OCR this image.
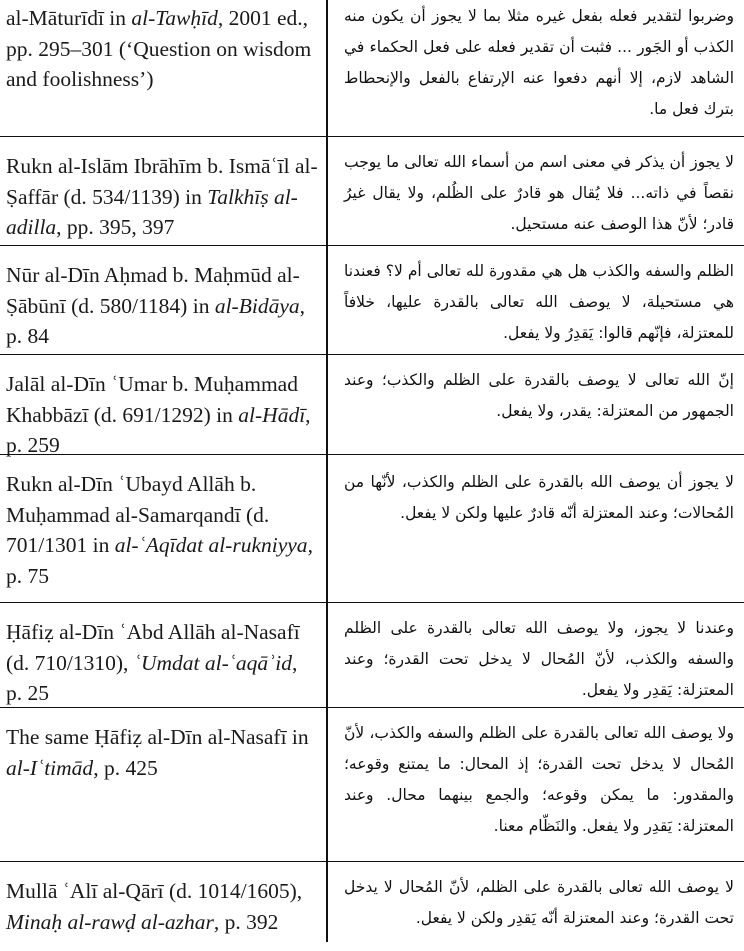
al-Māturīdī in al-Tawḥīd, 2001 ed., pp. 295–301 (‘Question on wisdom and foolishness’)
وضربوا لتقدير فعله بفعل غيره مثلا بما لا يجوز أن يكون منه الكذب أو الجَور ... فثبت أن تقدير فعله على فعل الحكماء في الشاهد لازم، إلا أنهم دفعوا عنه الإرتفاع بالفعل والإنحطاط بترك فعل ما.
Rukn al-Islām Ibrāhīm b. Ismāʿīl al-Ṣaffār (d. 534/1139) in Talkhīṣ al-adilla, pp. 395, 397
لا يجوز أن يذكر في معنى اسم من أسماء الله تعالى ما يوجب نقصاً في ذاته... فلا يُقال هو قادرٌ على الظُلم، ولا يقال غيرُ قادر؛ لأنّ هذا الوصف عنه مستحيل.
Nūr al-Dīn Aḥmad b. Maḥmūd al-Ṣābūnī (d. 580/1184) in al-Bidāya, p. 84
الظلم والسفه والكذب هل هي مقدورة لله تعالى أم لا؟ فعندنا هي مستحيلة، لا يوصف الله تعالى بالقدرة عليها، خلافاً للمعتزلة، فإنّهم قالوا: يَقدِرُ ولا يفعل.
Jalāl al-Dīn ʿUmar b. Muḥammad Khabbāzī (d. 691/1292) in al-Hādī, p. 259
إنّ الله تعالى لا يوصف بالقدرة على الظلم والكذب؛ وعند الجمهور من المعتزلة: يقدر، ولا يفعل.
Rukn al-Dīn ʿUbayd Allāh b. Muḥammad al-Samarqandī (d. 701/1301 in al-ʿAqīdat al-rukniyya, p. 75
لا يجوز أن يوصف الله بالقدرة على الظلم والكذب، لأنّها من المُحالات؛ وعند المعتزلة أنّه قادرٌ عليها ولكن لا يفعل.
Ḥāfiẓ al-Dīn ʿAbd Allāh al-Nasafī (d. 710/1310), ʿUmdat al-ʿaqāʾid, p. 25
وعندنا لا يجوز، ولا يوصف الله تعالى بالقدرة على الظلم والسفه والكذب، لأنّ المُحال لا يدخل تحت القدرة؛ وعند المعتزلة: يَقدِر ولا يفعل.
The same Ḥāfiẓ al-Dīn al-Nasafī in al-Iʿtimād, p. 425
ولا يوصف الله تعالى بالقدرة على الظلم والسفه والكذب، لأنّ المُحال لا يدخل تحت القدرة؛ إذ المحال: ما يمتنع وقوعه؛ والمقدور: ما يمكن وقوعه؛ والجمع بينهما محال. وعند المعتزلة: يَقدِر ولا يفعل. والنَظّام معنا.
Mullā ʿAlī al-Qārī (d. 1014/1605), Minaḥ al-rawḍ al-azhar, p. 392
لا يوصف الله تعالى بالقدرة على الظلم، لأنّ المُحال لا يدخل تحت القدرة؛ وعند المعتزلة أنّه يَقدِر ولكن لا يفعل.
